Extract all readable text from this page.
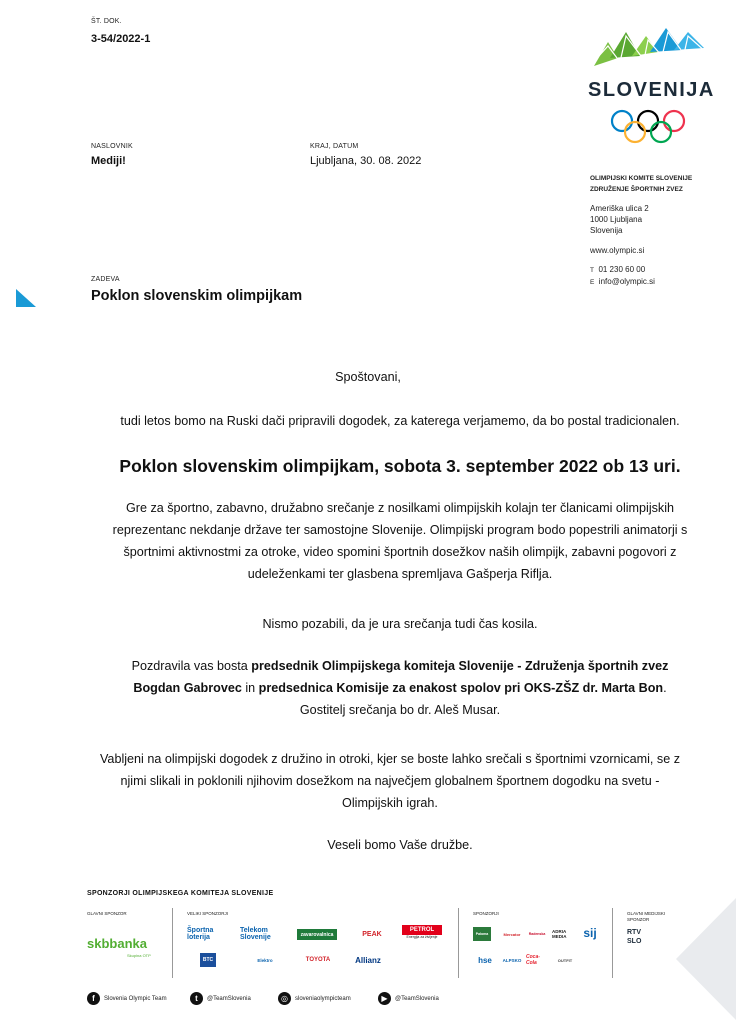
ŠT. DOK.
3-54/2022-1
SLOVENIJA
NASLOVNIK
Mediji!
KRAJ, DATUM
Ljubljana, 30. 08. 2022
OLIMPIJSKI KOMITE SLOVENIJE
ZDRUŽENJE ŠPORTNIH ZVEZ
Ameriška ulica 2
1000 Ljubljana
Slovenija
www.olympic.si
T 01 230 60 00
E info@olympic.si
ZADEVA
Poklon slovenskim olimpijkam
Spoštovani,
tudi letos bomo na Ruski dači pripravili dogodek, za katerega verjamemo, da bo postal tradicionalen.
Poklon slovenskim olimpijkam, sobota 3. september 2022 ob 13 uri.
Gre za športno, zabavno, družabno srečanje z nosilkami olimpijskih kolajn ter članicami olimpijskih
reprezentanc nekdanje države ter samostojne Slovenije. Olimpijski program bodo popestrili animatorji s
športnimi aktivnostmi za otroke, video spomini športnih dosežkov naših olimpijk, zabavni pogovori z
udeleženkami ter glasbena spremljava Gašperja Riflja.
Nismo pozabili, da je ura srečanja tudi čas kosila.
Pozdravila vas bosta predsednik Olimpijskega komiteja Slovenije - Združenja športnih zvez
Bogdan Gabrovec in predsednica Komisije za enakost spolov pri OKS-ZŠZ dr. Marta Bon.
Gostitelj srečanja bo dr. Aleš Musar.
Vabljeni na olimpijski dogodek z družino in otroki, kjer se boste lahko srečali s športnimi vzornicami, se z
njimi slikali in poklonili njihovim dosežkom na največjem globalnem športnem dogodku na svetu -
Olimpijskih igrah.
Veseli bomo Vaše družbe.
SPONZORJI OLIMPIJSKEGA KOMITEJA SLOVENIJE
GLAVNI SPONZOR
skbbanka
Skupina OTP
VELIKI SPONZORJI
Športna loterija
Telekom Slovenije	zavarovalnica	PEAK
PETROL
Energija za življenje
BTC	Elektro	TOYOTA	Allianz
SPONZORJI
Paloma	Mercator	Radenska ADRIA MEDIA	sij
hse	ALPSKO Coca-Cola	OUTFIT
GLAVNI MEDIJSKI SPONZOR
RTV SLO
f	Slovenia Olympic Team	t	@TeamSlovenia	◎	sloveniaolympicteam	▶	@TeamSlovenia
